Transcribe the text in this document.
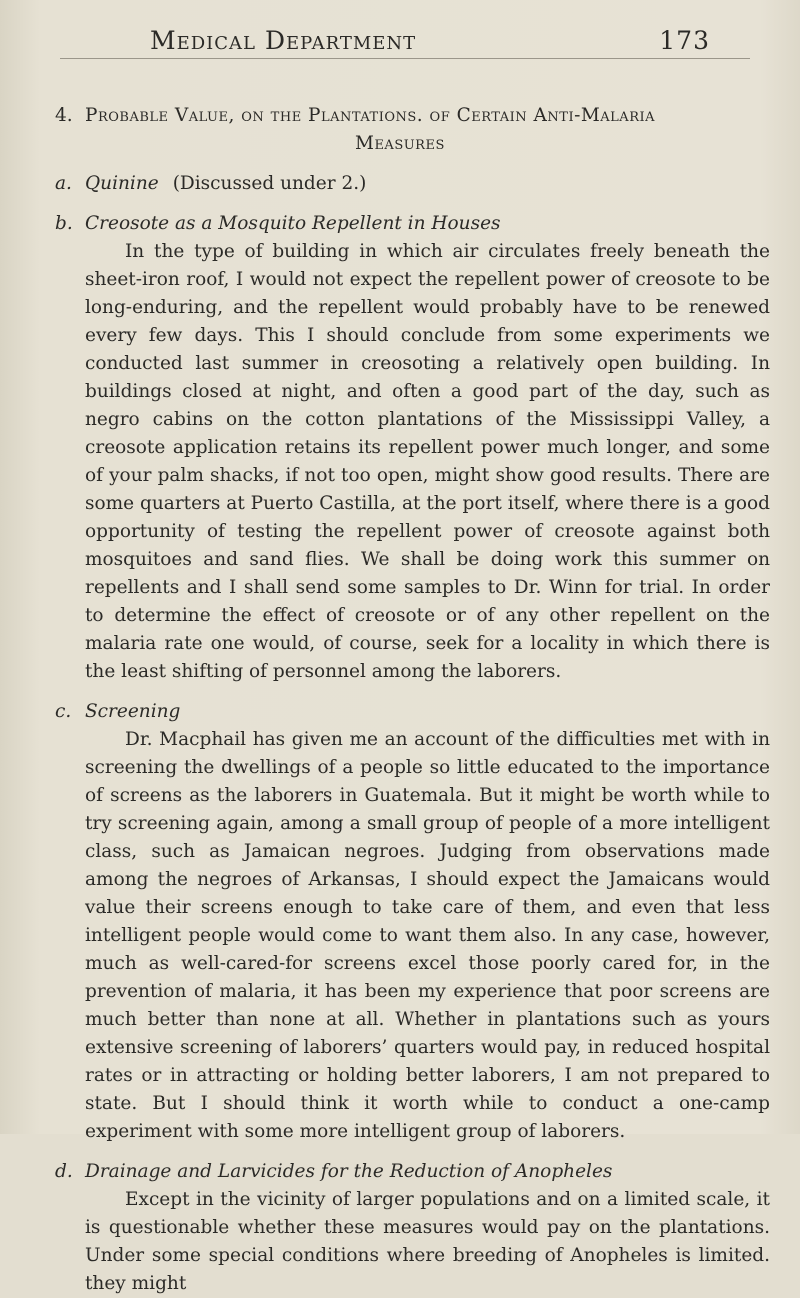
Medical Department	173
4. Probable Value, on the Plantations. of Certain Anti-Malaria
Measures
a. Quinine (Discussed under 2.)
b. Creosote as a Mosquito Repellent in Houses
In the type of building in which air circulates freely beneath the sheet-iron roof, I would not expect the repellent power of creosote to be long-enduring, and the repellent would probably have to be renewed every few days. This I should conclude from some experiments we conducted last summer in creosoting a relatively open building. In buildings closed at night, and often a good part of the day, such as negro cabins on the cotton plantations of the Mississippi Valley, a creosote application retains its repellent power much longer, and some of your palm shacks, if not too open, might show good results. There are some quarters at Puerto Castilla, at the port itself, where there is a good opportunity of testing the repellent power of creosote against both mosquitoes and sand flies. We shall be doing work this summer on repellents and I shall send some samples to Dr. Winn for trial. In order to determine the effect of creosote or of any other repellent on the malaria rate one would, of course, seek for a locality in which there is the least shifting of personnel among the laborers.
c. Screening
Dr. Macphail has given me an account of the difficulties met with in screening the dwellings of a people so little educated to the importance of screens as the laborers in Guatemala. But it might be worth while to try screening again, among a small group of people of a more intelligent class, such as Jamaican negroes. Judging from observations made among the negroes of Arkansas, I should expect the Jamaicans would value their screens enough to take care of them, and even that less intelligent people would come to want them also. In any case, however, much as well-cared-for screens excel those poorly cared for, in the prevention of malaria, it has been my experience that poor screens are much better than none at all. Whether in plantations such as yours extensive screening of laborers’ quarters would pay, in reduced hospital rates or in attracting or holding better laborers, I am not prepared to state. But I should think it worth while to conduct a one-camp experiment with some more intelligent group of laborers.
d. Drainage and Larvicides for the Reduction of Anopheles
Except in the vicinity of larger populations and on a limited scale, it is questionable whether these measures would pay on the plantations. Under some special conditions where breeding of Anopheles is limited. they might
